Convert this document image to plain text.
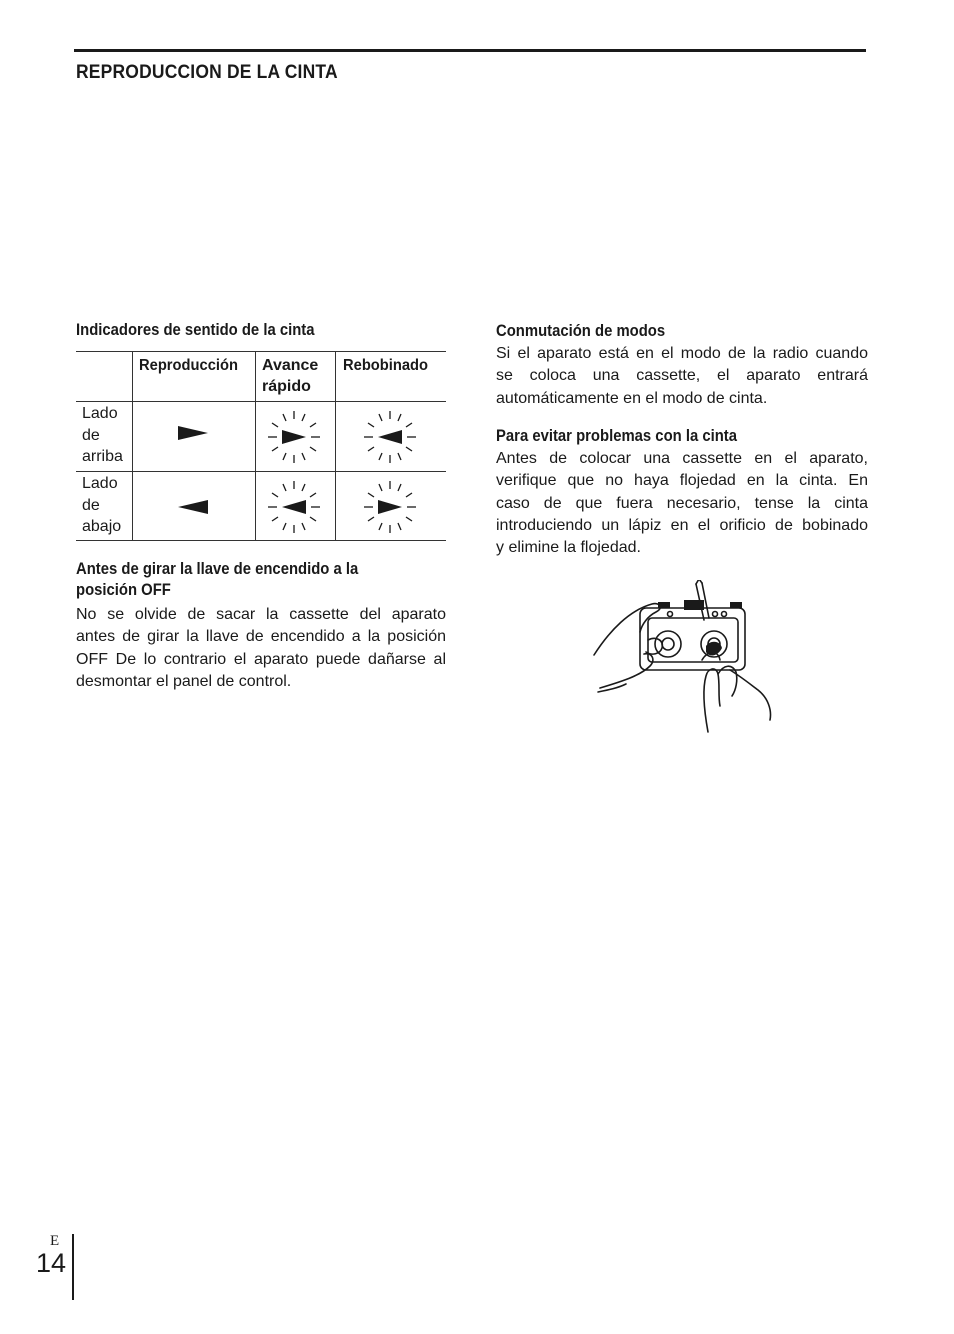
REPRODUCCION DE LA CINTA
Indicadores de sentido de la cinta
Reproducción Avance
rápido
Rebobinado
Lado
de
arriba
Lado
de
abajo
Antes de girar la llave de encendido a la
posición OFF
No se olvide de sacar la cassette del aparato
antes de girar la llave de encendido a la posición
OFF De lo contrario el aparato puede dañarse al
desmontar el panel de control.
Conmutación de modos
Si el aparato está en el modo de la radio cuando
se coloca una cassette, el aparato entrará
automáticamente en el modo de cinta.
Para evitar problemas con la cinta
Antes de colocar una cassette en el aparato,
verifique que no haya flojedad en la cinta. En
caso de que fuera necesario, tense la cinta
introduciendo un lápiz en el orificio de bobinado
y elimine la flojedad.
E
14
